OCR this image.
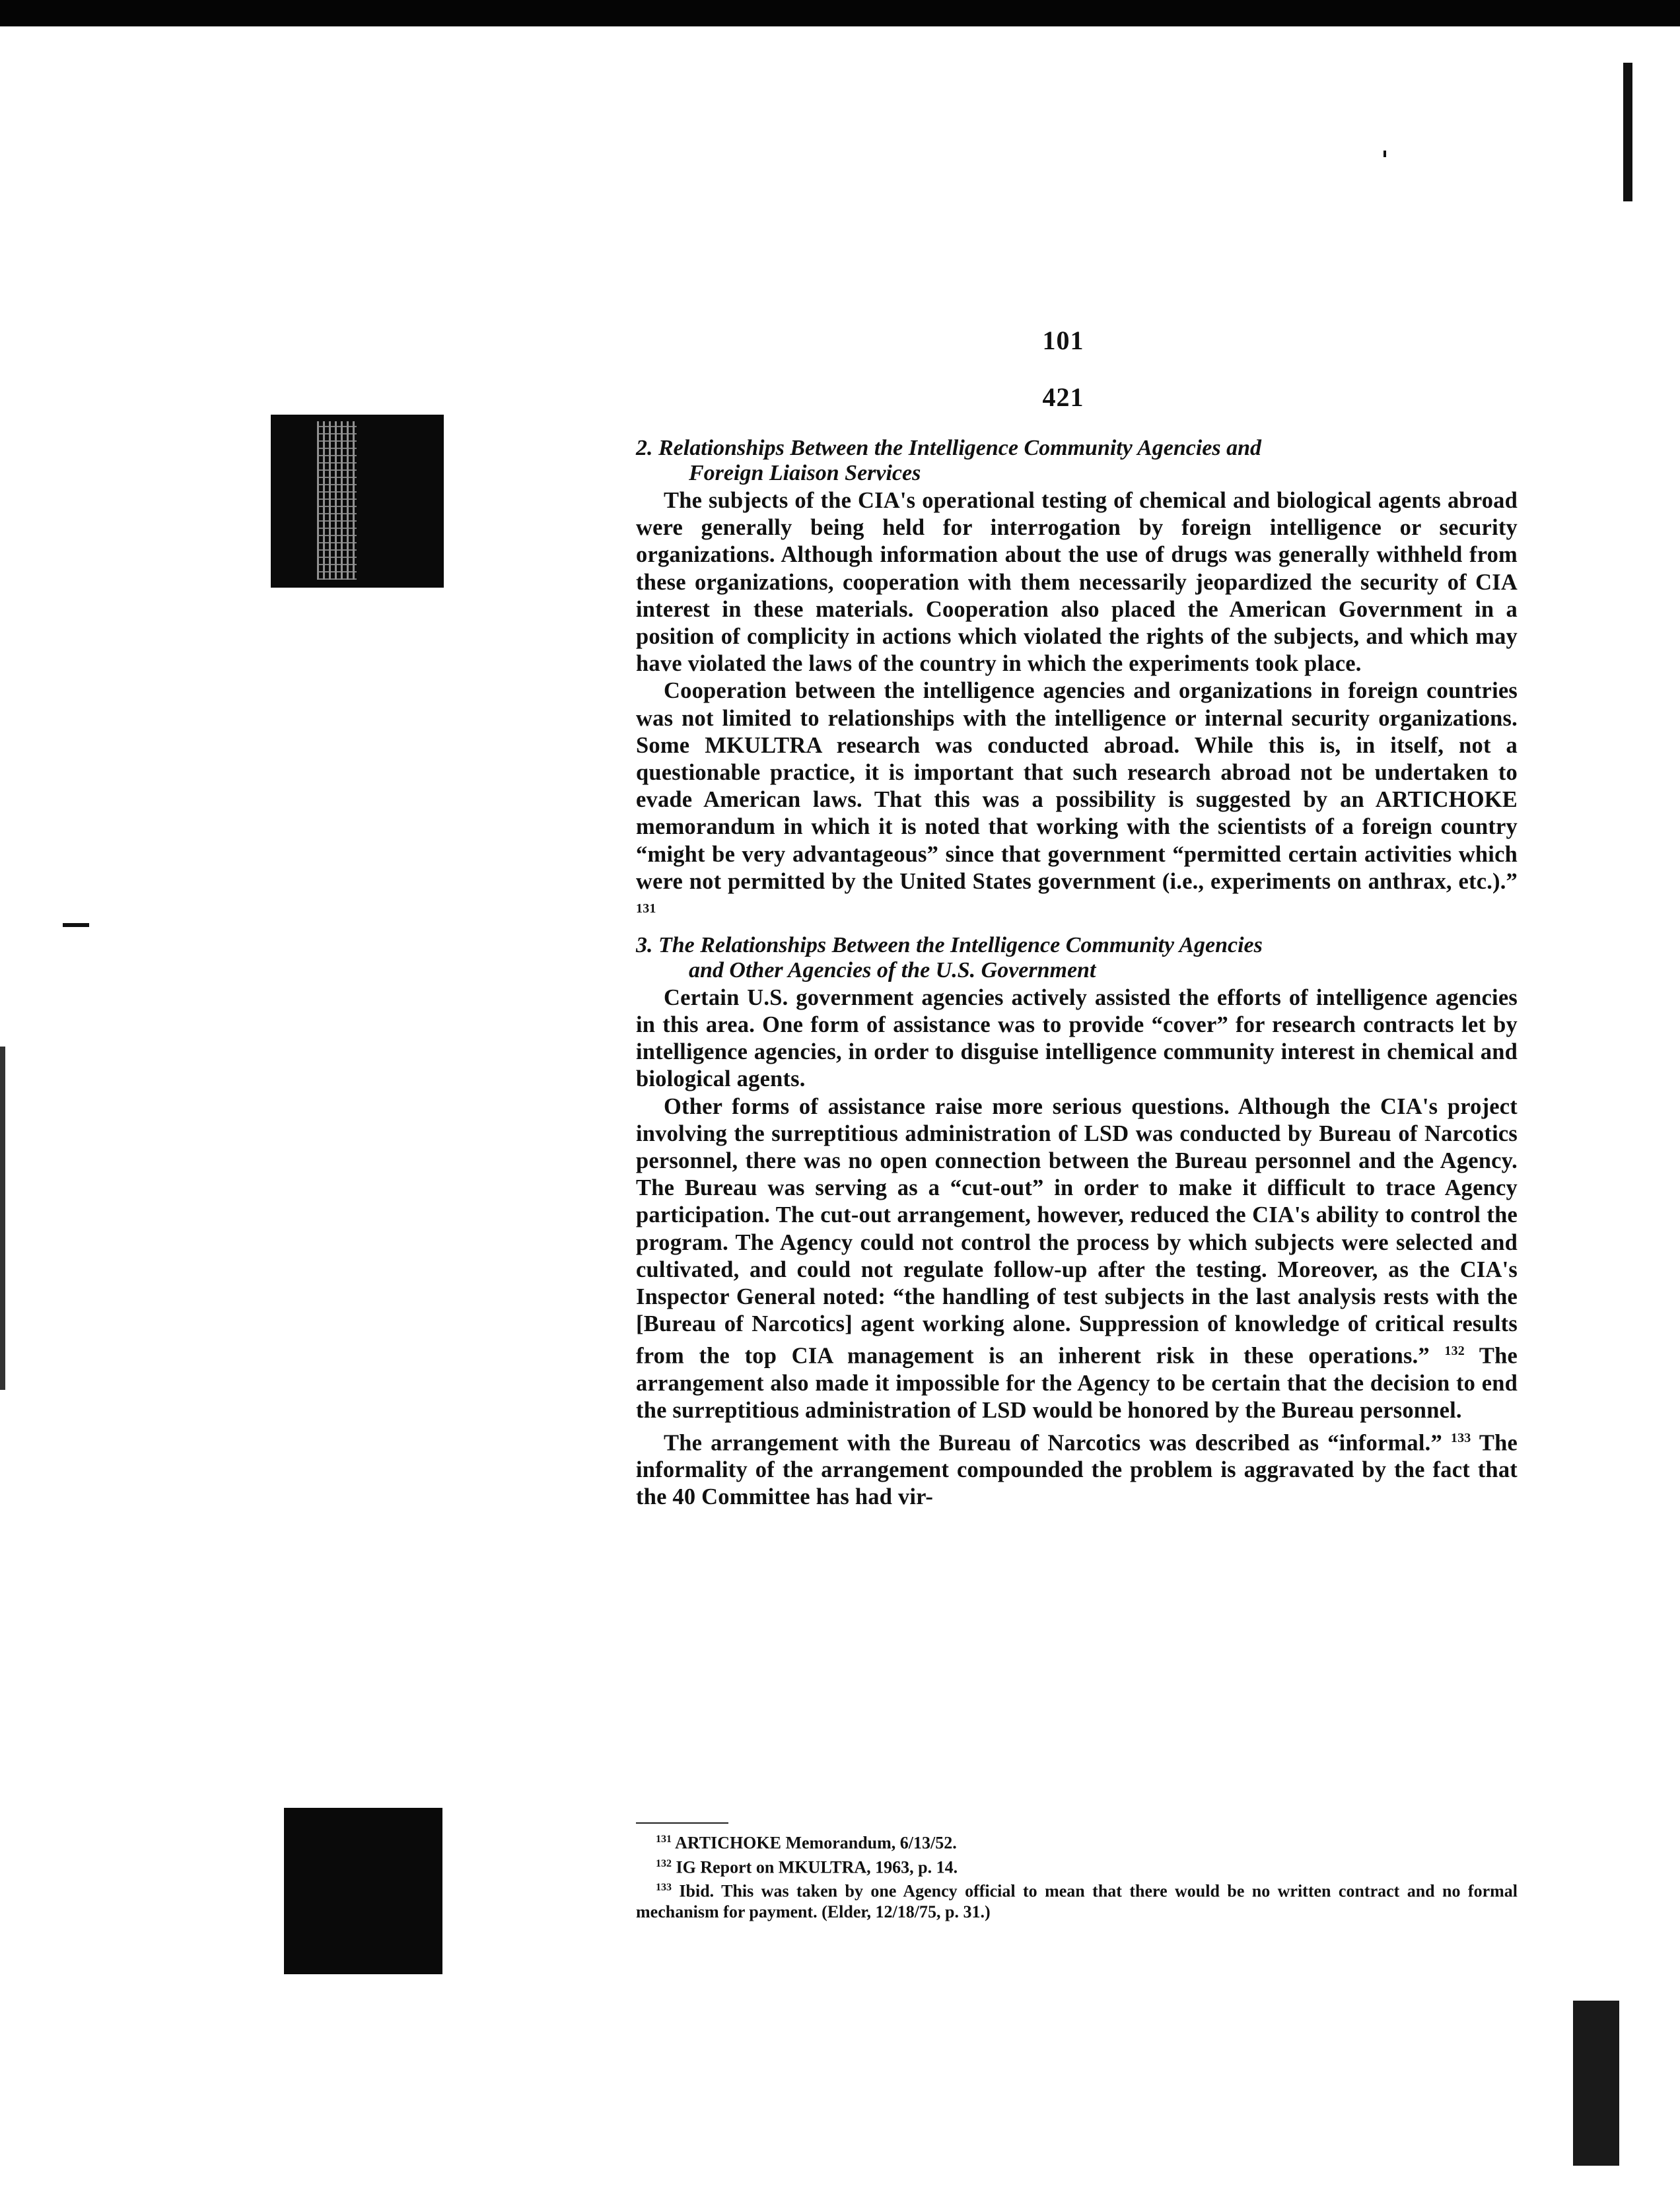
101
421

2. Relationships Between the Intelligence Community Agencies and
Foreign Liaison Services

The subjects of the CIA's operational testing of chemical and biological agents abroad were generally being held for interrogation by foreign intelligence or security organizations. Although information about the use of drugs was generally withheld from these organizations, cooperation with them necessarily jeopardized the security of CIA interest in these materials. Cooperation also placed the American Government in a position of complicity in actions which violated the rights of the subjects, and which may have violated the laws of the country in which the experiments took place.

Cooperation between the intelligence agencies and organizations in foreign countries was not limited to relationships with the intelligence or internal security organizations. Some MKULTRA research was conducted abroad. While this is, in itself, not a questionable practice, it is important that such research abroad not be undertaken to evade American laws. That this was a possibility is suggested by an ARTICHOKE memorandum in which it is noted that working with the scientists of a foreign country “might be very advantageous” since that government “permitted certain activities which were not permitted by the United States government (i.e., experiments on anthrax, etc.).” $^{131}$

3. The Relationships Between the Intelligence Community Agencies
and Other Agencies of the U.S. Government

Certain U.S. government agencies actively assisted the efforts of intelligence agencies in this area. One form of assistance was to provide “cover” for research contracts let by intelligence agencies, in order to disguise intelligence community interest in chemical and biological agents.

Other forms of assistance raise more serious questions. Although the CIA's project involving the surreptitious administration of LSD was conducted by Bureau of Narcotics personnel, there was no open connection between the Bureau personnel and the Agency. The Bureau was serving as a “cut-out” in order to make it difficult to trace Agency participation. The cut-out arrangement, however, reduced the CIA's ability to control the program. The Agency could not control the process by which subjects were selected and cultivated, and could not regulate follow-up after the testing. Moreover, as the CIA's Inspector General noted: “the handling of test subjects in the last analysis rests with the [Bureau of Narcotics] agent working alone. Suppression of knowledge of critical results from the top CIA management is an inherent risk in these operations.” $^{132}$ The arrangement also made it impossible for the Agency to be certain that the decision to end the surreptitious administration of LSD would be honored by the Bureau personnel.

The arrangement with the Bureau of Narcotics was described as “informal.” $^{133}$ The informality of the arrangement compounded the problem is aggravated by the fact that the 40 Committee has had vir-

$^{131}$ ARTICHOKE Memorandum, 6/13/52.

$^{132}$ IG Report on MKULTRA, 1963, p. 14.

$^{133}$ Ibid. This was taken by one Agency official to mean that there would be no written contract and no formal mechanism for payment. (Elder, 12/18/75, p. 31.)
